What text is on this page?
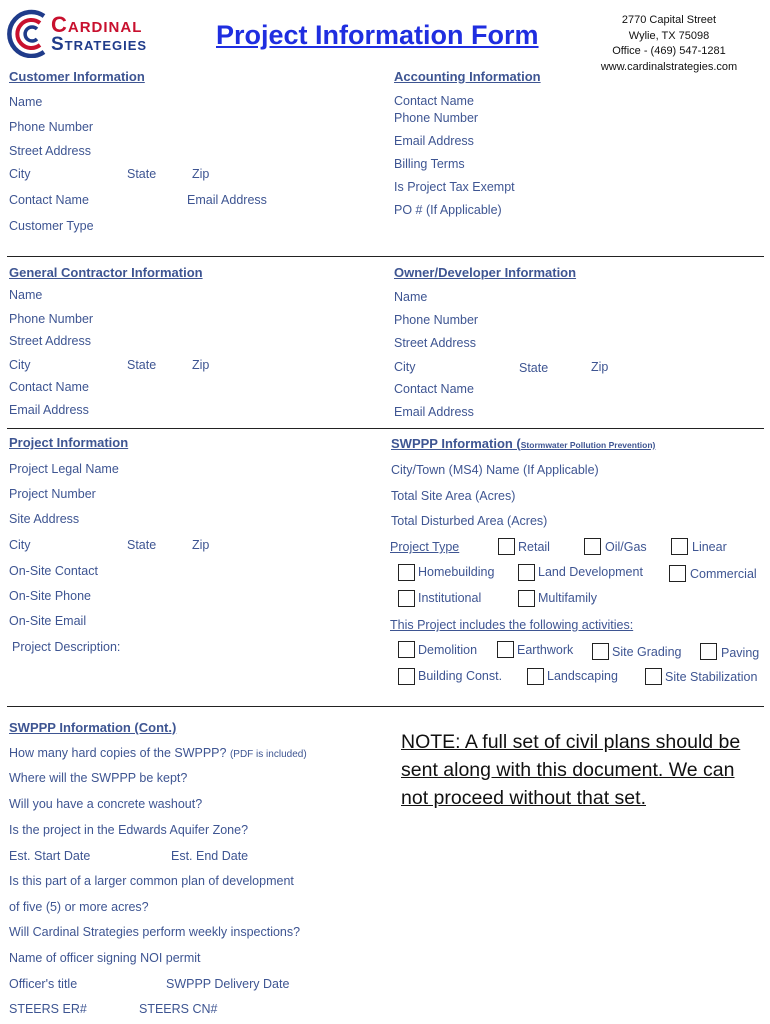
Cardinal
Strategies	Project Information Form	2770 Capital Street
Wylie, TX 75098
Office - (469) 547-1281
www.cardinalstrategies.com
Customer Information
Name
Phone Number
Street Address
City	State	Zip
Contact Name	Email Address
Customer Type
Accounting Information
Contact Name
Phone Number
Email Address
Billing Terms
Is Project Tax Exempt
PO # (If Applicable)
General Contractor Information
Name
Phone Number
Street Address
City	State	Zip
Contact Name
Email Address
Owner/Developer Information
Name
Phone Number
Street Address
City	State	Zip
Contact Name
Email Address
Project Information
Project Legal Name
Project Number
Site Address
City	State	Zip
On-Site Contact
On-Site Phone
On-Site Email
Project Description:
SWPPP Information (Stormwater Pollution Prevention)
City/Town (MS4) Name (If Applicable)
Total Site Area (Acres)
Total Disturbed Area (Acres)
Project Type	Retail	Oil/Gas	Linear
Homebuilding	Land Development	Commercial
Institutional	Multifamily
This Project includes the following activities:
Demolition	Earthwork	Site Grading	Paving
Building Const.	Landscaping	Site Stabilization
SWPPP Information (Cont.)
How many hard copies of the SWPPP? (PDF is included)
Where will the SWPPP be kept?
Will you have a concrete washout?
Is the project in the Edwards Aquifer Zone?
Est. Start Date	Est. End Date
Is this part of a larger common plan of development
of five (5) or more acres?
Will Cardinal Strategies perform weekly inspections?
Name of officer signing NOI permit
Officer's title	SWPPP Delivery Date
STEERS ER#	STEERS CN#
NOTE: A full set of civil plans should be
sent along with this document. We can
not proceed without that set.
